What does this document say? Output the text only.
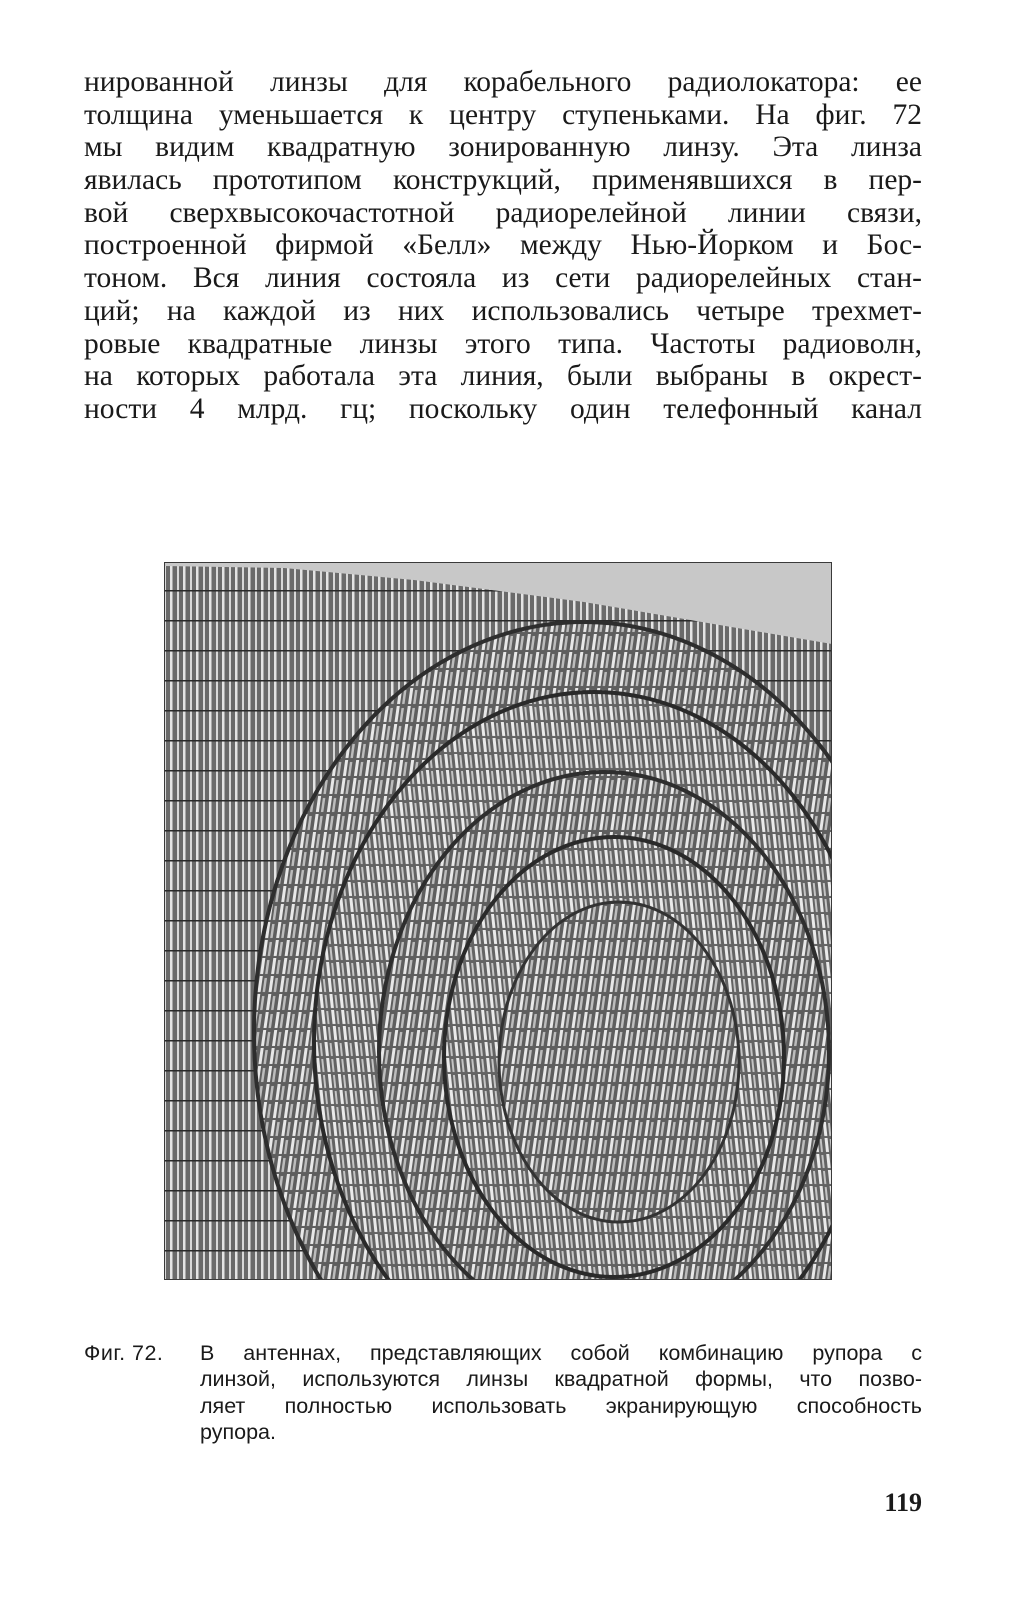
нированной линзы для корабельного радиолокатора: ее
толщина уменьшается к центру ступеньками. На фиг. 72
мы видим квадратную зонированную линзу. Эта линза
явилась прототипом конструкций, применявшихся в пер-
вой сверхвысокочастотной радиорелейной линии связи,
построенной фирмой «Белл» между Нью-Йорком и Бос-
тоном. Вся линия состояла из сети радиорелейных стан-
ций; на каждой из них использовались четыре трехмет-
ровые квадратные линзы этого типа. Частоты радиоволн,
на которых работала эта линия, были выбраны в окрест-
ности 4 млрд. гц; поскольку один телефонный канал
Фиг. 72.	В антеннах, представляющих собой комбинацию рупора с
линзой, используются линзы квадратной формы, что позво-
ляет полностью использовать экранирующую способность
рупора.
119
